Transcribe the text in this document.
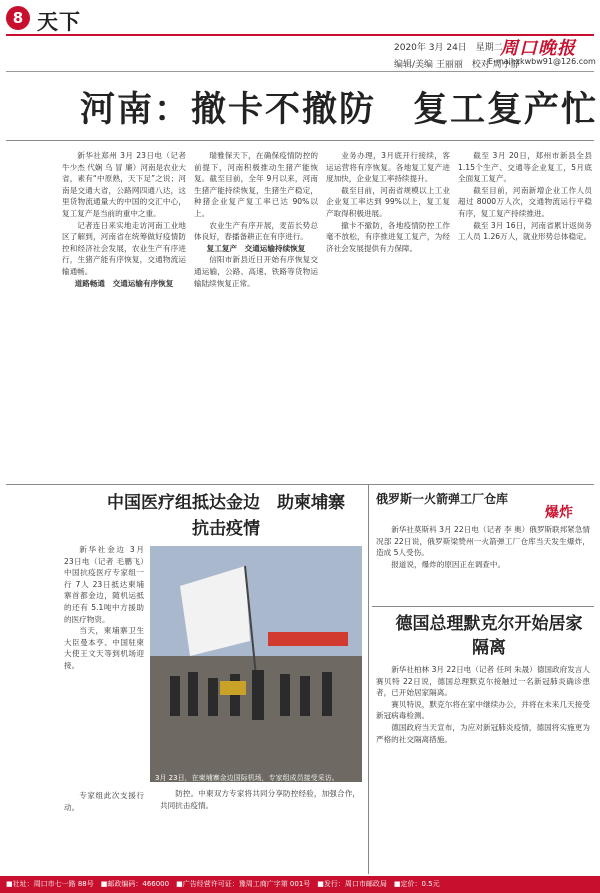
8 天下
2020年 3月 24日　星期二
编辑/美编 王丽丽　校对 周小静
周口晚报
E-mail:zkwbw91@126.com
河南：撤卡不撤防　复工复产忙

新华社郑州 3月 23日电（记者 牛少杰 代娴 乌 冒 廉）河南是农业大省，素有“中原熟，天下足”之说；河南是交通大省，公路网四通八达，这里货物流通量大的中国的交汇中心，复工复产是当前的重中之重。

记者连日来实地走访河南工业地区了解到，河南省在统筹做好疫情防控和经济社会发展，农业生产有序进行，生猪产能有序恢复，交通物流运输通畅。

道路畅通　交通运输有序恢复

瑞雅保天下，在确保疫情防控的前提下，河南积极推动生猪产能恢复。截至目前，全年 9月以来，河南生猪产能持续恢复，生猪生产稳定，种猪企业复产复工率已达 90%以上。

农业生产有序开展，麦苗长势总体良好，春播备耕正在有序进行。

复工复产　交通运输持续恢复

信阳市新县近日开始有序恢复交通运输，公路、高速、铁路等货物运输陆续恢复正常。

业务办理，3月底开行接续，客运运营将有序恢复。各地复工复产进度加快，企业复工率持续提升。

截至目前，河南省规模以上工业企业复工率达到 99%以上，复工复产取得积极进展。

撤卡不撤防，各地疫情防控工作毫不放松，有序推进复工复产，为经济社会发展提供有力保障。

截至 3月 20日，郑州市新县全县 1.15个生产、交通等企业复工，5月底全面复工复产。

截至目前，河南新增企业工作人员超过 8000万人次，交通物流运行平稳有序，复工复产持续推进。

截至 3月 16日，河南省累计返岗务工人员 1.26万人，就业形势总体稳定。

中国医疗组抵达金边　助柬埔寨抗击疫情

新华社金边 3月 23日电（记者 毛鹏飞）中国抗疫医疗专家组一行 7人 23日抵达柬埔寨首都金边，随机运抵的还有 5.1吨中方援助的医疗物资。

当天，柬埔寨卫生大臣曼本亨、中国驻柬大使王文天等到机场迎接。

3月 23日，在柬埔寨金边国际机场，专家组成员接受采访。

专家组此次支援行动。

防控。中柬双方专家将共同分享防控经验，加强合作，共同抗击疫情。

俄罗斯一火箭弹工厂仓库
爆炸

新华社莫斯科 3月 22日电（记者 李 奥）俄罗斯联邦紧急情况部 22日说，俄罗斯梁赞州一火箭弹工厂仓库当天发生爆炸，造成 5人受伤。

报道说，爆炸的原因正在调查中。

德国总理默克尔开始居家隔离

新华社柏林 3月 22日电（记者 任珂 朱晟）德国政府发言人赛贝特 22日说，德国总理默克尔接触过一名新冠肺炎确诊患者，已开始居家隔离。

赛贝特说，默克尔将在家中继续办公，并将在未来几天接受新冠病毒检测。

德国政府当天宣布，为应对新冠肺炎疫情，德国将实施更为严格的社交隔离措施。

■社址：周口市七一路 88号　■邮政编码：466000　■广告经营许可证：豫周工商广字第 001号　■发行：周口市邮政局　■定价：0.5元
